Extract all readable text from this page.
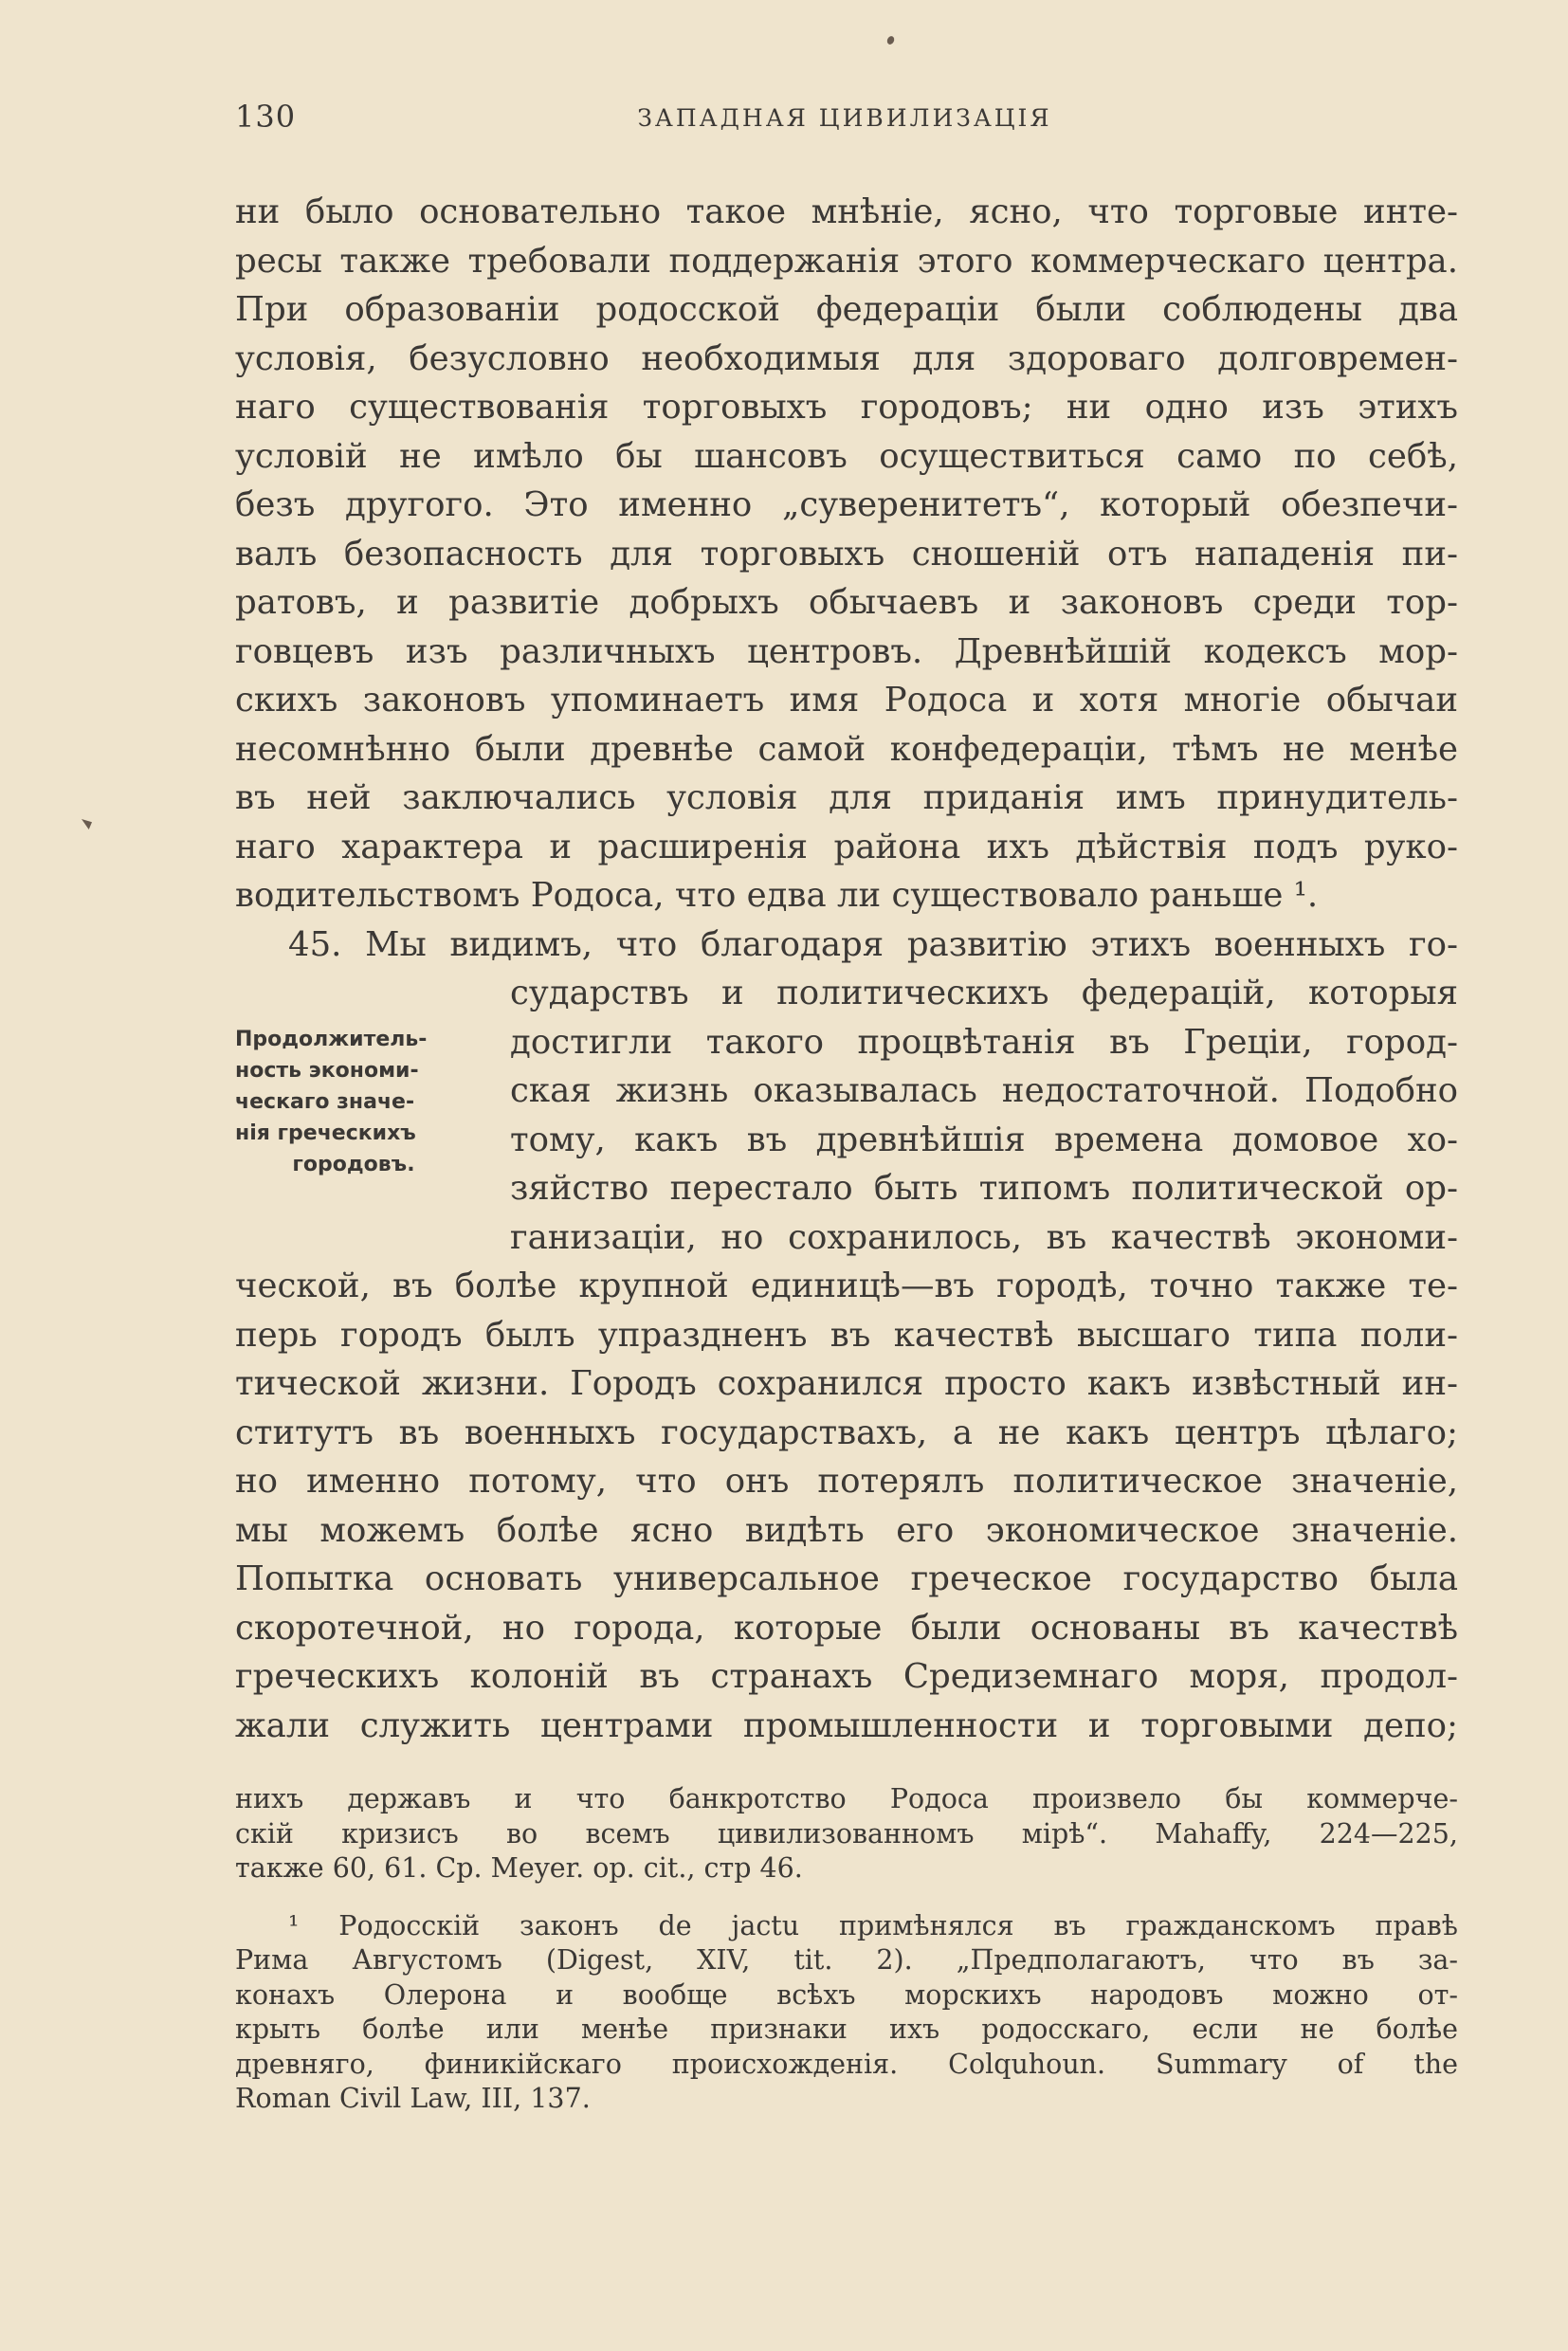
130	ЗАПАДНАЯ ЦИВИЛИЗАЦІЯ
ни было основательно такое мнѣніе, ясно, что торговые инте-
ресы также требовали поддержанія этого коммерческаго центра.
При образованіи родосской федераціи были соблюдены два
условія, безусловно необходимыя для здороваго долговремен-
наго существованія торговыхъ городовъ; ни одно изъ этихъ
условій не имѣло бы шансовъ осуществиться само по себѣ,
безъ другого. Это именно „суверенитетъ“, который обезпечи-
валъ безопасность для торговыхъ сношеній отъ нападенія пи-
ратовъ, и развитіе добрыхъ обычаевъ и законовъ среди тор-
говцевъ изъ различныхъ центровъ. Древнѣйшій кодексъ мор-
скихъ законовъ упоминаетъ имя Родоса и хотя многіе обычаи
несомнѣнно были древнѣе самой конфедераціи, тѣмъ не менѣе
въ ней заключались условія для приданія имъ принудитель-
наго характера и расширенія района ихъ дѣйствія подъ руко-
водительствомъ Родоса, что едва ли существовало раньше ¹.
45. Мы видимъ, что благодаря развитію этихъ военныхъ го-
Продолжитель-
ность экономи-
ческаго значе-
нія греческихъ
городовъ.
сударствъ и политическихъ федерацій, которыя
достигли такого процвѣтанія въ Греціи, город-
ская жизнь оказывалась недостаточной. Подобно
тому, какъ въ древнѣйшія времена домовое хо-
зяйство перестало быть типомъ политической ор-
ганизаціи, но сохранилось, въ качествѣ экономи-
ческой, въ болѣе крупной единицѣ—въ городѣ, точно также те-
перь городъ былъ упраздненъ въ качествѣ высшаго типа поли-
тической жизни. Городъ сохранился просто какъ извѣстный ин-
ститутъ въ военныхъ государствахъ, а не какъ центръ цѣлаго;
но именно потому, что онъ потерялъ политическое значеніе,
мы можемъ болѣе ясно видѣть его экономическое значеніе.
Попытка основать универсальное греческое государство была
скоротечной, но города, которые были основаны въ качествѣ
греческихъ колоній въ странахъ Средиземнаго моря, продол-
жали служить центрами промышленности и торговыми депо;
нихъ державъ и что банкротство Родоса произвело бы коммерче-
скій кризисъ во всемъ цивилизованномъ мірѣ“. Mahaffy, 224—225,
также 60, 61. Ср. Meyer. op. cit., стр 46.
¹ Родосскій законъ de jactu примѣнялся въ гражданскомъ правѣ
Рима Августомъ (Digest, XIV, tit. 2). „Предполагаютъ, что въ за-
конахъ Олерона и вообще всѣхъ морскихъ народовъ можно от-
крыть болѣе или менѣе признаки ихъ родосскаго, если не болѣе
древняго, финикійскаго происхожденія. Colquhoun. Summary of the
Roman Civil Law, III, 137.
